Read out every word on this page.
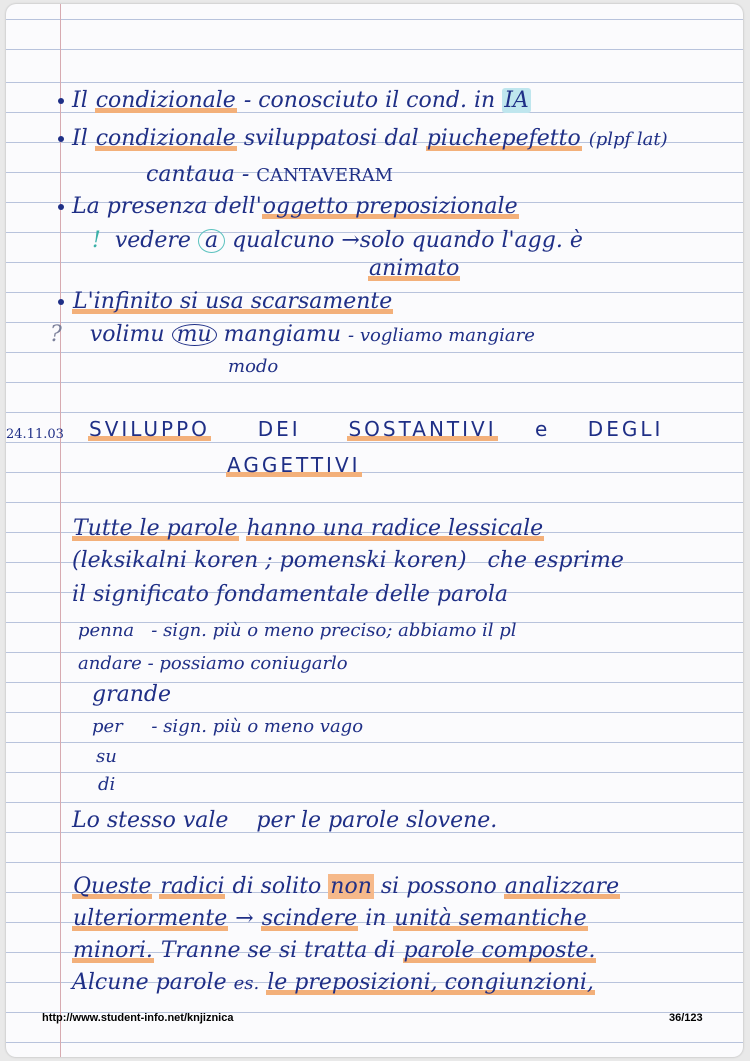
Il condizionale - conosciuto il cond. in IA
Il condizionale sviluppatosi dal piuchepefetto (plpf lat)
cantaua - CANTAVERAM
La presenza dell'oggetto preposizionale
! vedere a qualcuno →solo quando l'agg. è
animato
L'infinito si usa scarsamente
? volimu mu mangiamu - vogliamo mangiare
modo
24.11.03 SVILUPPO DEI SOSTANTIVI e DEGLI
AGGETTIVI
Tutte le parole hanno una radice lessicale
(leksikalni koren ; pomenski koren) che esprime
il significato fondamentale delle parola
penna - sign. più o meno preciso; abbiamo il pl
andare - possiamo coniugarlo
grande
per - sign. più o meno vago
su
di
Lo stesso vale per le parole slovene.
Queste radici di solito non si possono analizzare
ulteriormente → scindere in unità semantiche
minori. Tranne se si tratta di parole composte.
Alcune parole es. le preposizioni, congiunzioni,
http://www.student-info.net/knjiznica	36/123
